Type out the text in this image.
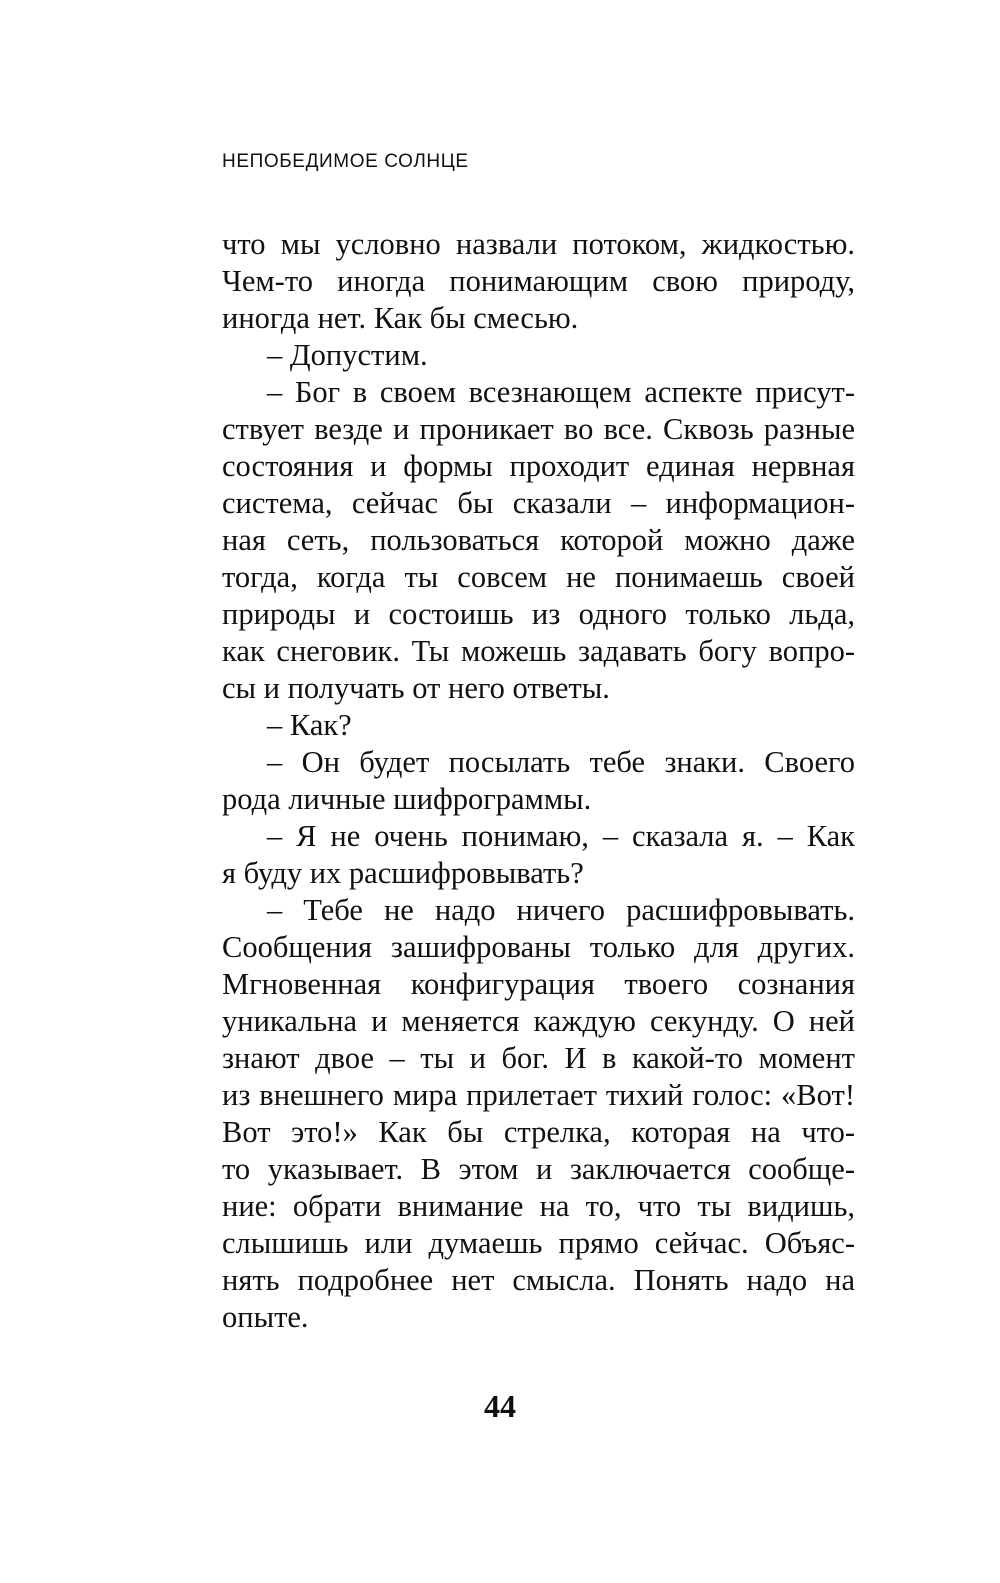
НЕПОБЕДИМОЕ СОЛНЦЕ
что мы условно назвали потоком, жидкостью.
Чем-то иногда понимающим свою природу,
иногда нет. Как бы смесью.
– Допустим.
– Бог в своем всезнающем аспекте присут-
ствует везде и проникает во все. Сквозь разные
состояния и формы проходит единая нервная
система, сейчас бы сказали – информацион-
ная сеть, пользоваться которой можно даже
тогда, когда ты совсем не понимаешь своей
природы и состоишь из одного только льда,
как снеговик. Ты можешь задавать богу вопро-
сы и получать от него ответы.
– Как?
– Он будет посылать тебе знаки. Своего
рода личные шифрограммы.
– Я не очень понимаю, – сказала я. – Как
я буду их расшифровывать?
– Тебе не надо ничего расшифровывать.
Сообщения зашифрованы только для других.
Мгновенная конфигурация твоего сознания
уникальна и меняется каждую секунду. О ней
знают двое – ты и бог. И в какой-то момент
из внешнего мира прилетает тихий голос: «Вот!
Вот это!» Как бы стрелка, которая на что-
то указывает. В этом и заключается сообще-
ние: обрати внимание на то, что ты видишь,
слышишь или думаешь прямо сейчас. Объяс-
нять подробнее нет смысла. Понять надо на
опыте.
44
